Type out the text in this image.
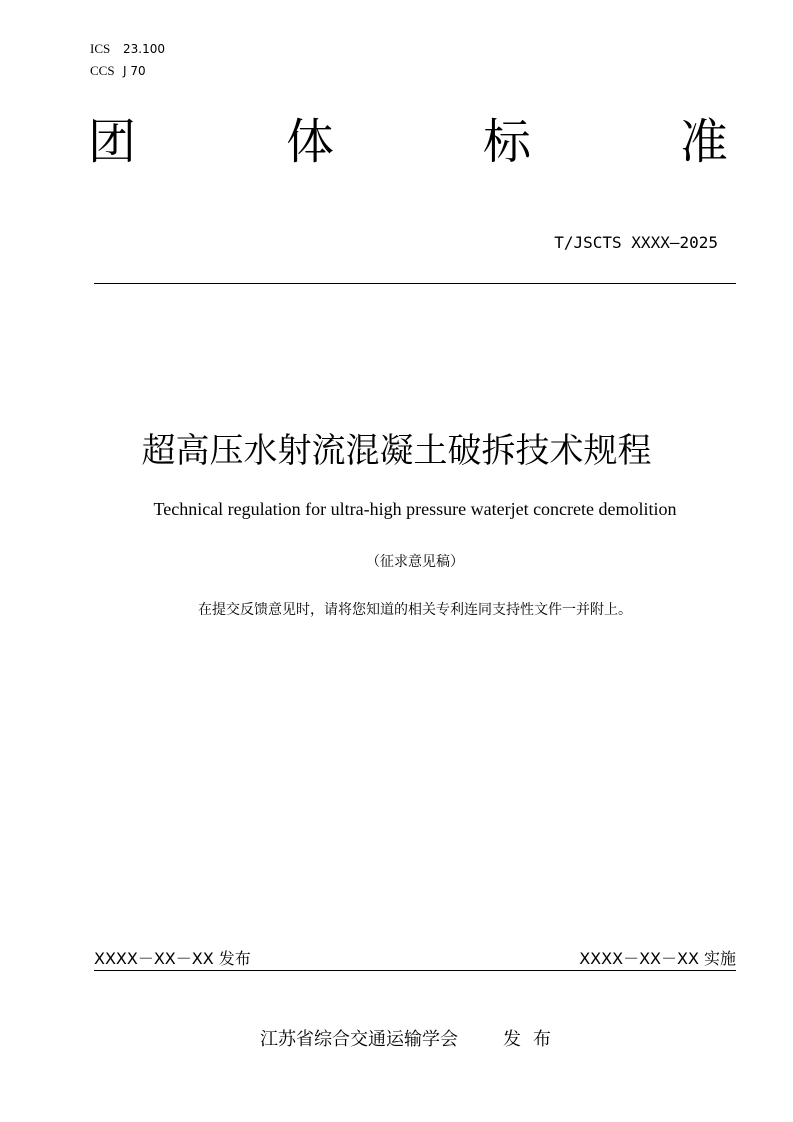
ICS 23.100
CCS J 70
团	体	标	准
T/JSCTS XXXX—2025
超高压水射流混凝土破拆技术规程
Technical regulation for ultra-high pressure waterjet concrete demolition
（征求意见稿）
在提交反馈意见时，请将您知道的相关专利连同支持性文件一并附上。
XXXX－XX－XX 发布	XXXX－XX－XX 实施
江苏省综合交通运输学会	发布
